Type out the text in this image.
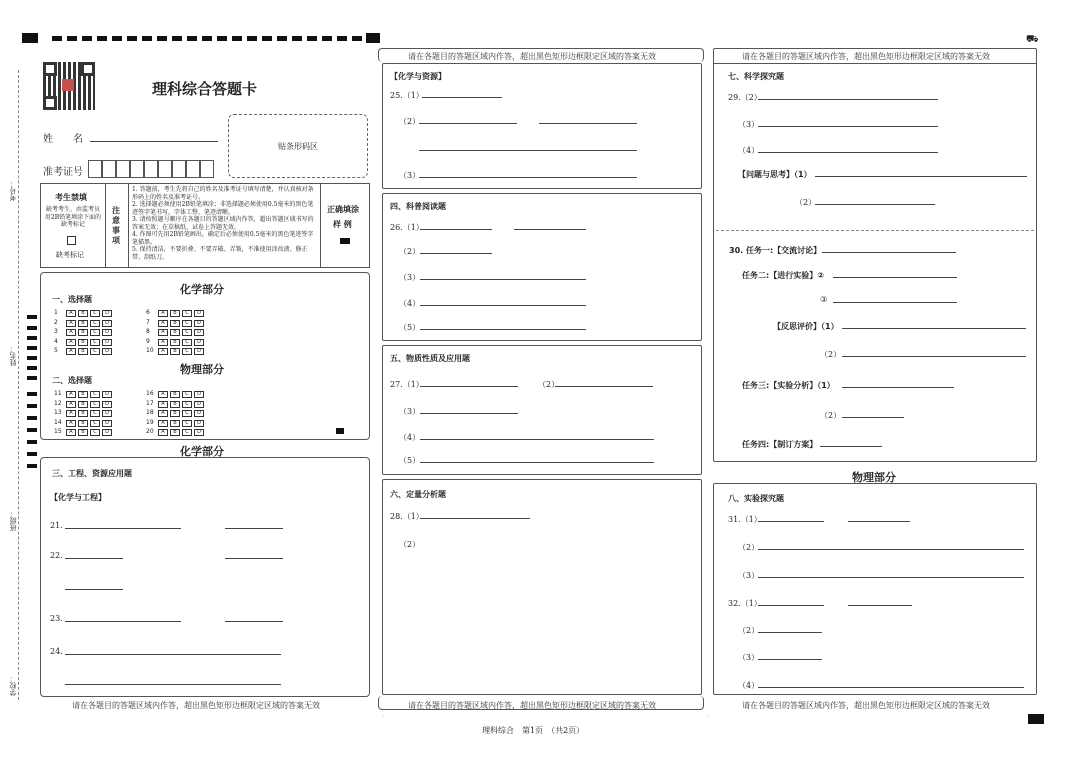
⛟
考号：
姓名：
班级：
学校：
理科综合答题卡
姓　　名
准考证号
贴条形码区
考生禁填
缺考考生，由监考员用2B铅笔填涂下面的缺考标记
缺考标记
注意事项
1. 答题前，考生先将自己的姓名及准考证号填写清楚，并认真核对条形码上的姓名及准考证号。
2. 选择题必须使用2B铅笔填涂；非选择题必须使用0.5毫米的黑色笔迹签字笔书写，字体工整、笔迹清晰。
3. 请按照题号顺序在各题目的答题区域内作答，超出答题区域书写的答案无效；在草稿纸、试卷上答题无效。
4. 作图可先用2B铅笔画出，确定后必须使用0.5毫米的黑色笔迹签字笔描黑。
5. 保持清洁，不要折叠、不要弄破、弄皱，不准使用涂改液、修正带、刮纸刀。
正确填涂
样 例
化学部分
一、选择题
1 A B C D
2 A B C D
3 A B C D
4 A B C D
5 A B C D
6 A B C D
7 A B C D
8 A B C D
9 A B C D
10 A B C D
物理部分
二、选择题
11 A B C D
12 A B C D
13 A B C D
14 A B C D
15 A B C D
16 A B C D
17 A B C D
18 A B C D
19 A B C D
20 A B C D
化学部分
三、工程、资源应用题
【化学与工程】
21.
22.
23.
24.
请在各题目的答题区域内作答，超出黑色矩形边框限定区域的答案无效
请在各题目的答题区域内作答，超出黑色矩形边框限定区域的答案无效
【化学与资源】
25.（1）
（2）
（3）
四、科普阅读题
26.（1）
（2）
（3）
（4）
（5）
五、物质性质及应用题
27.（1）	（2）
（3）
（4）
（5）
六、定量分析题
28.（1）
（2）
请在各题目的答题区域内作答，超出黑色矩形边框限定区域的答案无效
·	·
请在各题目的答题区域内作答，超出黑色矩形边框限定区域的答案无效
七、科学探究题
29.（2）
（3）
（4）
【问题与思考】（1）
（2）
30. 任务一:【交流讨论】
任务二:【进行实验】②
③
【反思评价】（1）
（2）
任务三:【实验分析】（1）
（2）
任务四:【制订方案】
物理部分
八、实验探究题
31.（1）
（2）
（3）
32.（1）
（2）
（3）
（4）
请在各题目的答题区域内作答，超出黑色矩形边框限定区域的答案无效
理科综合　第1页　（共2页）
